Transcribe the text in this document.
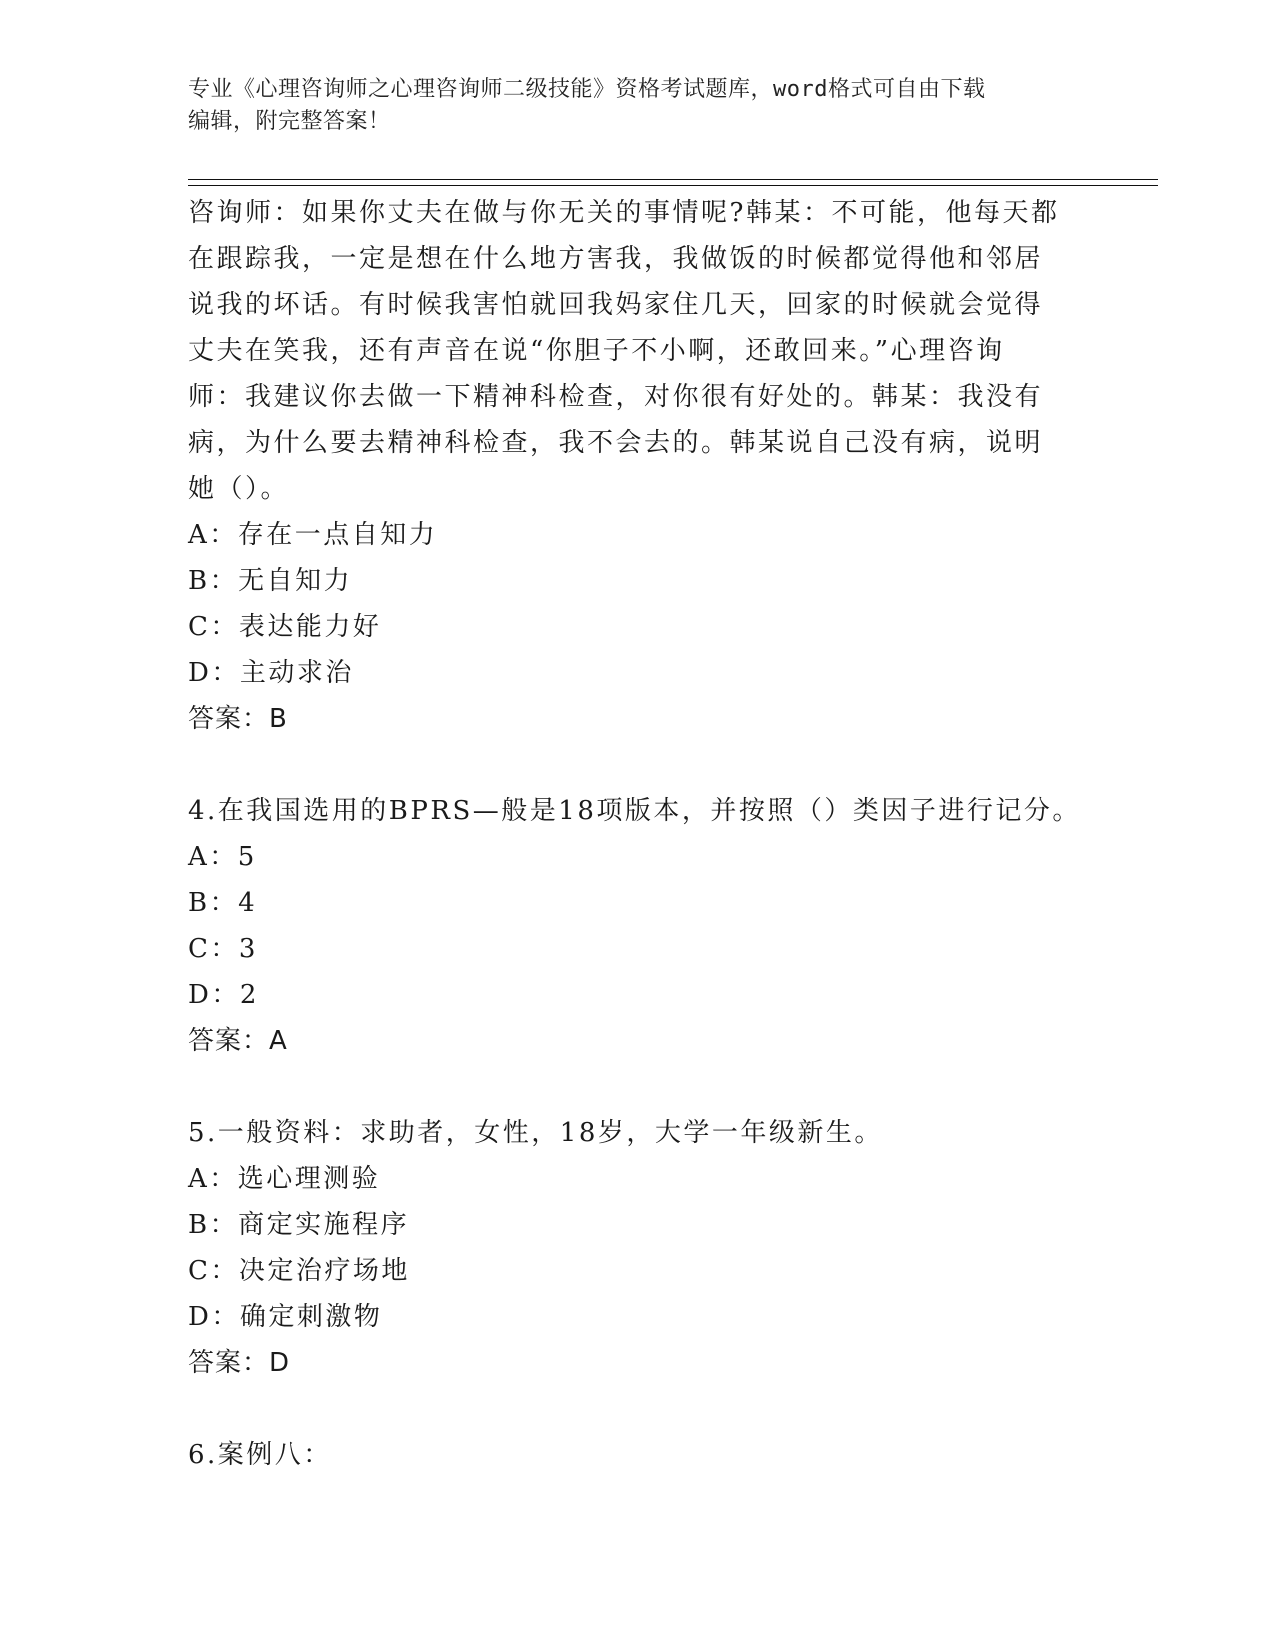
专业《心理咨询师之心理咨询师二级技能》资格考试题库，word格式可自由下载
编辑，附完整答案！
咨询师：如果你丈夫在做与你无关的事情呢?韩某：不可能，他每天都
在跟踪我，一定是想在什么地方害我，我做饭的时候都觉得他和邻居
说我的坏话。有时候我害怕就回我妈家住几天，回家的时候就会觉得
丈夫在笑我，还有声音在说“你胆子不小啊，还敢回来。”心理咨询
师：我建议你去做一下精神科检查，对你很有好处的。韩某：我没有
病，为什么要去精神科检查，我不会去的。韩某说自己没有病，说明
她（）。
A：存在一点自知力
B：无自知力
C：表达能力好
D：主动求治
答案：B
4.在我国选用的BPRS—般是18项版本，并按照（）类因子进行记分。
A：5
B：4
C：3
D：2
答案：A
5.一般资料：求助者，女性，18岁，大学一年级新生。
A：选心理测验
B：商定实施程序
C：决定治疗场地
D：确定刺激物
答案：D
6.案例八：
